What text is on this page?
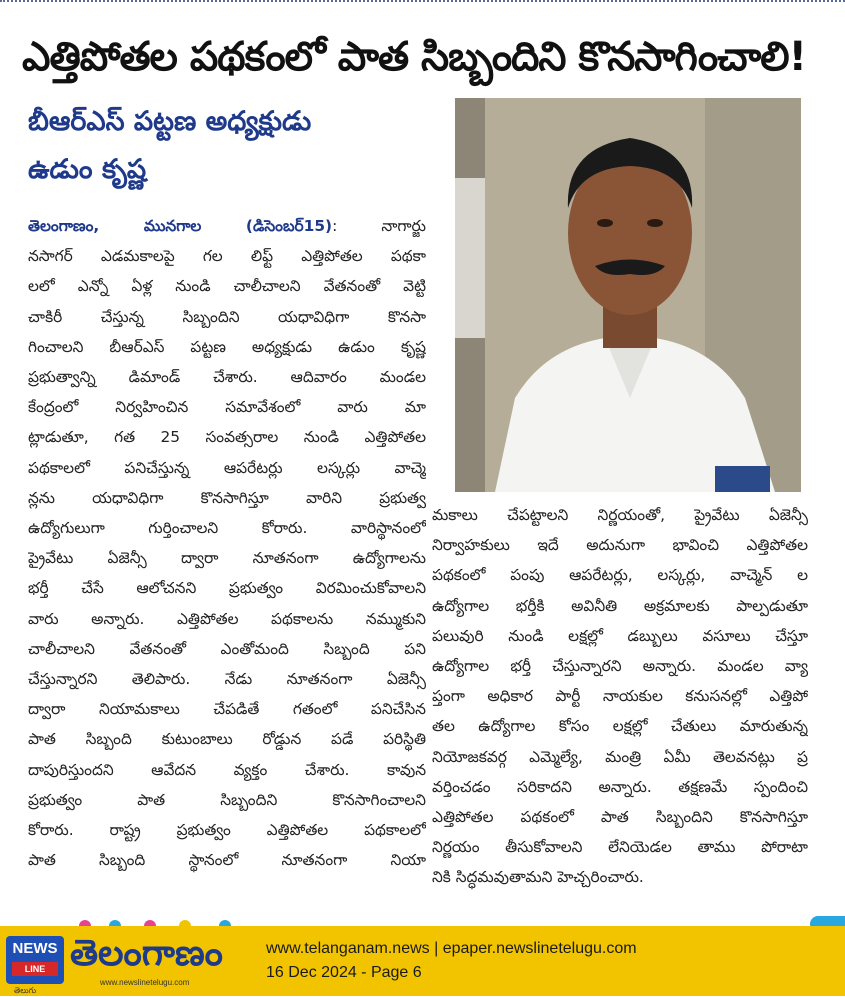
ఎత్తిపోతల పథకంలో పాత సిబ్బందిని కొనసాగించాలి!
బీఆర్ఎస్ పట్టణ అధ్యక్షుడు
ఉడుం కృష్ణ
తెలంగాణం, మునగాల (డిసెంబర్15): నాగార్జు
నసాగర్ ఎడమకాలపై గల లిఫ్ట్ ఎత్తిపోతల పథకా
లలో ఎన్నో ఏళ్ల నుండి చాలీచాలని వేతనంతో వెట్టి
చాకిరీ చేస్తున్న సిబ్బందిని యధావిధిగా కొనసా
గించాలని బీఆర్ఎస్ పట్టణ అధ్యక్షుడు ఉడుం కృష్ణ
ప్రభుత్వాన్ని డిమాండ్ చేశారు. ఆదివారం మండల
కేంద్రంలో నిర్వహించిన సమావేశంలో వారు మా
ట్లాడుతూ, గత 25 సంవత్సరాల నుండి ఎత్తిపోతల
పథకాలలో పనిచేస్తున్న ఆపరేటర్లు లస్కర్లు వాచ్మె
న్లను యధావిధిగా కొనసాగిస్తూ వారిని ప్రభుత్వ
ఉద్యోగులుగా గుర్తించాలని కోరారు. వారిస్థానంలో
ప్రైవేటు ఏజెన్సీ ద్వారా నూతనంగా ఉద్యోగాలను
భర్తీ చేసే ఆలోచనని ప్రభుత్వం విరమించుకోవాలని
వారు అన్నారు. ఎత్తిపోతల పథకాలను నమ్ముకుని
చాలీచాలని వేతనంతో ఎంతోమంది సిబ్బంది పని
చేస్తున్నారని తెలిపారు. నేడు నూతనంగా ఏజెన్సీ
ద్వారా నియామకాలు చేపడితే గతంలో పనిచేసిన
పాత సిబ్బంది కుటుంబాలు రోడ్డున పడే పరిస్థితి
దాపురిస్తుందని ఆవేదన వ్యక్తం చేశారు. కావున
ప్రభుత్వం పాత సిబ్బందిని కొనసాగించాలని
కోరారు. రాష్ట్ర ప్రభుత్వం ఎత్తిపోతల పథకాలలో
పాత సిబ్బంది స్థానంలో నూతనంగా నియా
మకాలు చేపట్టాలని నిర్ణయంతో, ప్రైవేటు ఏజెన్సీ
నిర్వాహకులు ఇదే అదునుగా భావించి ఎత్తిపోతల
పథకంలో పంపు ఆపరేటర్లు, లస్కర్లు, వాచ్మెన్ ల
ఉద్యోగాల భర్తీకి అవినీతి అక్రమాలకు పాల్పడుతూ
పలువురి నుండి లక్షల్లో డబ్బులు వసూలు చేస్తూ
ఉద్యోగాల భర్తీ చేస్తున్నారని అన్నారు. మండల వ్యా
ప్తంగా అధికార పార్టీ నాయకుల కనుసనల్లో ఎత్తిపో
తల ఉద్యోగాల కోసం లక్షల్లో చేతులు మారుతున్న
నియోజకవర్గ ఎమ్మెల్యే, మంత్రి ఏమీ తెలవనట్లు ప్ర
వర్తించడం సరికాదని అన్నారు. తక్షణమే స్పందించి
ఎత్తిపోతల పథకంలో పాత సిబ్బందిని కొనసాగిస్తూ
నిర్ణయం తీసుకోవాలని లేనియెడల తాము పోరాటా
నికి సిద్ధమవుతామని హెచ్చరించారు.
NEWS
LINE
తెలుగు
తెలంగాణం
www.newslinetelugu.com
www.telanganam.news | epaper.newslinetelugu.com
16 Dec 2024 - Page 6
